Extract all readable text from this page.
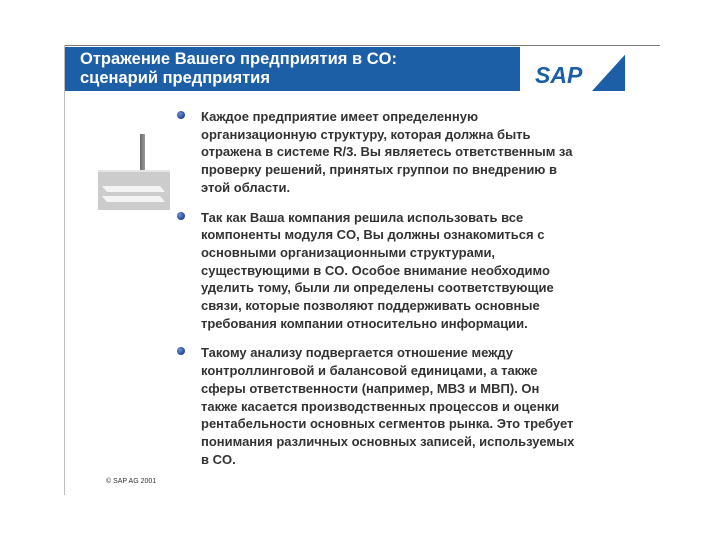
Отражение Вашего предприятия в CO:
сценарий предприятия	SAP

Каждое предприятие имеет определенную
организационную структуру, которая должна быть
отражена в системе R/3. Вы являетесь ответственным за
проверку решений, принятых группои по внедрению в
этой области.

Так как Ваша компания решила использовать все
компоненты модуля CO, Вы должны ознакомиться с
основными организационными структурами,
существующими в CO. Особое внимание необходимо
уделить тому, были ли определены соответствующие
связи, которые позволяют поддерживать основные
требования компании относительно информации.

Такому анализу подвергается отношение между
контроллинговой и балансовой единицами, а также
сферы ответственности (например, МВЗ и МВП). Он
также касается производственных процессов и оценки
рентабельности основных сегментов рынка. Это требует
понимания различных основных записей, используемых
в CO.

© SAP AG 2001
